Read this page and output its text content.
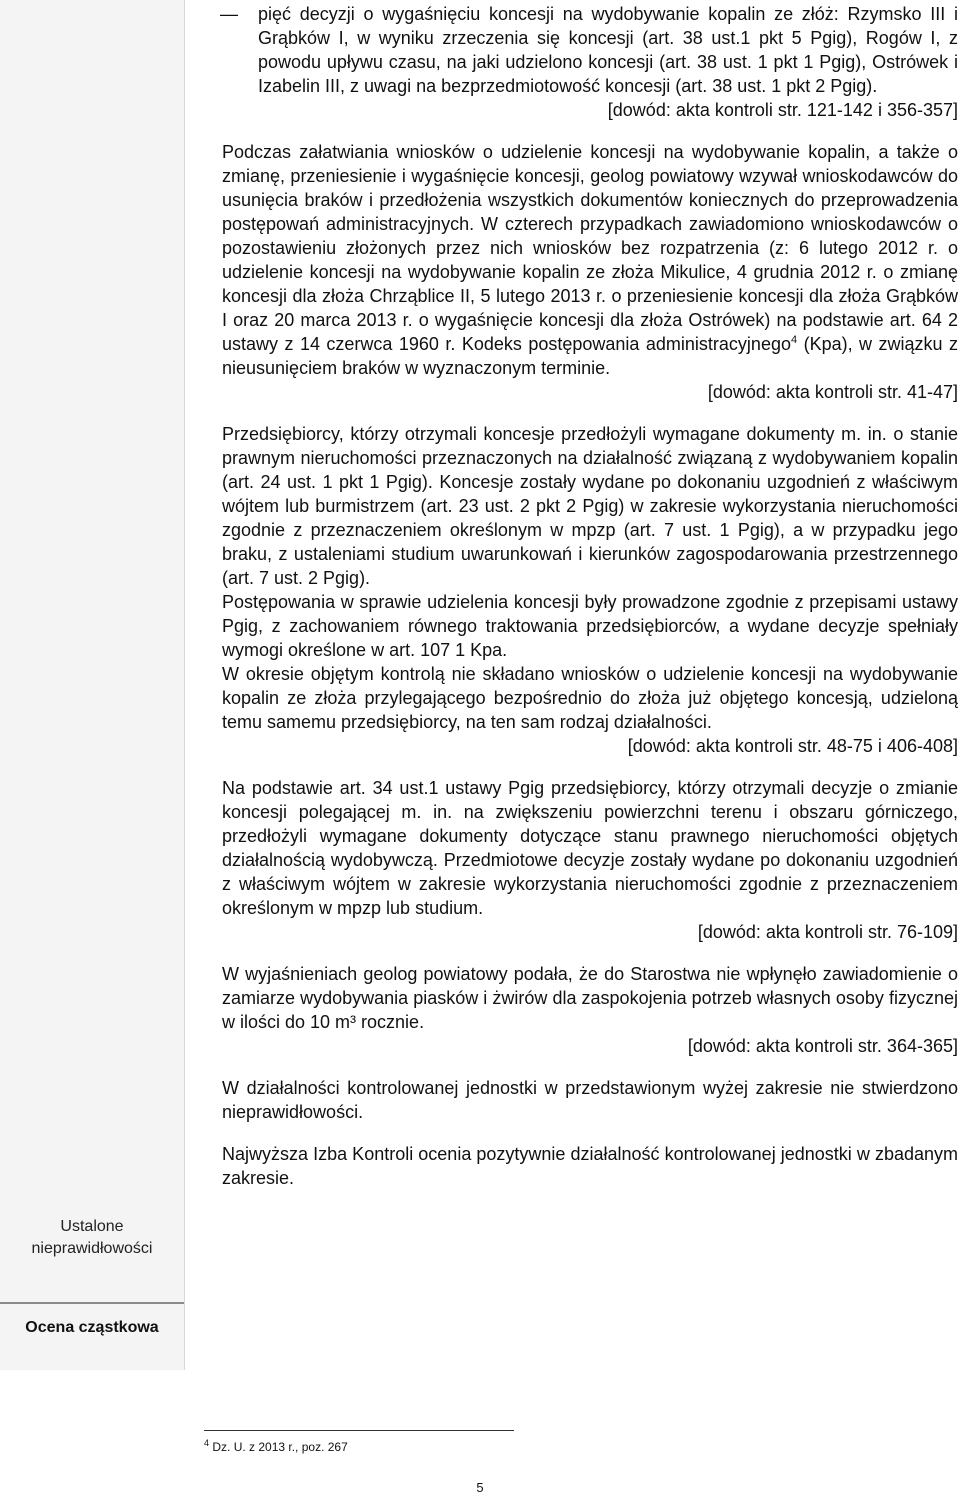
Ustalone nieprawidłowości
Ocena cząstkowa
—	pięć decyzji o wygaśnięciu koncesji na wydobywanie kopalin ze złóż: Rzymsko III i Grąbków I, w wyniku zrzeczenia się koncesji (art. 38 ust.1 pkt 5 Pgig), Rogów I, z powodu upływu czasu, na jaki udzielono koncesji (art. 38 ust. 1 pkt 1 Pgig), Ostrówek i Izabelin III, z uwagi na bezprzedmiotowość koncesji (art. 38 ust. 1 pkt 2 Pgig).

[dowód: akta kontroli str. 121-142 i 356-357]

Podczas załatwiania wniosków o udzielenie koncesji na wydobywanie kopalin, a także o zmianę, przeniesienie i wygaśnięcie koncesji, geolog powiatowy wzywał wnioskodawców do usunięcia braków i przedłożenia wszystkich dokumentów koniecznych do przeprowadzenia postępowań administracyjnych. W czterech przypadkach zawiadomiono wnioskodawców o pozostawieniu złożonych przez nich wniosków bez rozpatrzenia (z: 6 lutego 2012 r. o udzielenie koncesji na wydobywanie kopalin ze złoża Mikulice, 4 grudnia 2012 r. o zmianę koncesji dla złoża Chrząblice II, 5 lutego 2013 r. o przeniesienie koncesji dla złoża Grąbków I oraz 20 marca 2013 r. o wygaśnięcie koncesji dla złoża Ostrówek) na podstawie art. 64 2 ustawy z 14 czerwca 1960 r. Kodeks postępowania administracyjnego$^4$ (Kpa), w związku z nieusunięciem braków w wyznaczonym terminie.

[dowód: akta kontroli str. 41-47]

Przedsiębiorcy, którzy otrzymali koncesje przedłożyli wymagane dokumenty m. in. o stanie prawnym nieruchomości przeznaczonych na działalność związaną z wydobywaniem kopalin (art. 24 ust. 1 pkt 1 Pgig). Koncesje zostały wydane po dokonaniu uzgodnień z właściwym wójtem lub burmistrzem (art. 23 ust. 2 pkt 2 Pgig) w zakresie wykorzystania nieruchomości zgodnie z przeznaczeniem określonym w mpzp (art. 7 ust. 1 Pgig), a w przypadku jego braku, z ustaleniami studium uwarunkowań i kierunków zagospodarowania przestrzennego (art. 7 ust. 2 Pgig).

Postępowania w sprawie udzielenia koncesji były prowadzone zgodnie z przepisami ustawy Pgig, z zachowaniem równego traktowania przedsiębiorców, a wydane decyzje spełniały wymogi określone w art. 107 1 Kpa.

W okresie objętym kontrolą nie składano wniosków o udzielenie koncesji na wydobywanie kopalin ze złoża przylegającego bezpośrednio do złoża już objętego koncesją, udzieloną temu samemu przedsiębiorcy, na ten sam rodzaj działalności.

[dowód: akta kontroli str. 48-75 i 406-408]

Na podstawie art. 34 ust.1 ustawy Pgig przedsiębiorcy, którzy otrzymali decyzje o zmianie koncesji polegającej m. in. na zwiększeniu powierzchni terenu i obszaru górniczego, przedłożyli wymagane dokumenty dotyczące stanu prawnego nieruchomości objętych działalnością wydobywczą. Przedmiotowe decyzje zostały wydane po dokonaniu uzgodnień z właściwym wójtem w zakresie wykorzystania nieruchomości zgodnie z przeznaczeniem określonym w mpzp lub studium.

[dowód: akta kontroli str. 76-109]

W wyjaśnieniach geolog powiatowy podała, że do Starostwa nie wpłynęło zawiadomienie o zamiarze wydobywania piasków i żwirów dla zaspokojenia potrzeb własnych osoby fizycznej w ilości do 10 m³ rocznie.

[dowód: akta kontroli str. 364-365]

W działalności kontrolowanej jednostki w przedstawionym wyżej zakresie nie stwierdzono nieprawidłowości.

Najwyższa Izba Kontroli ocenia pozytywnie działalność kontrolowanej jednostki w zbadanym zakresie.

$^4$ Dz. U. z 2013 r., poz. 267
5
